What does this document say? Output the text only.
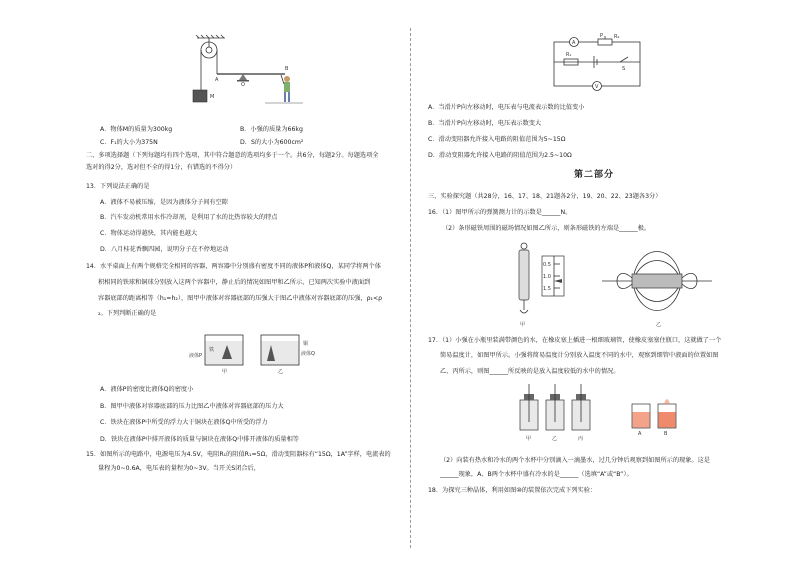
M
A
O
B
A．物体M的质量为300kg	B．小强的质量为66kg
C．F₁的大小为375N	D．S的大小为600cm²
二、多项选择题（下列每题均有四个选项，其中符合题意的选项均多于一个。共6分，每题2分。每题选项全
选对的得2分，选对但不全的得1分，有错选的不得分）
13．下列说法正确的是
A．液体不易被压缩，是因为液体分子间有空隙
B．汽车发动机常用水作冷却剂，是利用了水的比热容较大的特点
C．物体运动得越快，其内能也越大
D．八月桂花香飘四园，说明分子在不停地运动
14．水平桌面上有两个规格完全相同的容器，两容器中分别盛有密度不同的液体P和液体Q，某同学将两个体
积相同的铁球和铜球分别放入这两个容器中，静止后的情况如图甲和乙所示，已知两次实验中液面到
容器底部的距离相等（h₁=h₂），图甲中液体对容器底部的压强大于图乙中液体对容器底部的压强，ρ₁<ρ
₂。下列判断正确的是
铁
液体P
甲
铜
液体Q
乙
A．液体P的密度比液体Q的密度小
B．图甲中液体对容器底部的压力比图乙中液体对容器底部的压力大
C．铁块在液体P中所受的浮力大于铜块在液体Q中所受的浮力
D．铁块在液体P中排开液体的质量与铜块在液体Q中排开液体的质量相等
15．如图所示的电路中，电源电压为4.5V，电阻R₁的阻值R₁=5Ω，滑动变阻器标有“15Ω，1A”字样，电流表的
量程为0~0.6A，电压表的量程为0~3V。当开关S闭合后，
A
P R₂
R₁
S
V
A．当滑片P向左移动时，电压表与电流表示数的比值变小
B．当滑片P向左移动时，电压表示数变大
C．滑动变阻器允许接入电路的阻值范围为5~15Ω
D．滑动变阻器允许接入电路的阻值范围为2.5~10Ω
第二部分
三、实验探究题（共28分，16、17、18、21题各2分，19、20、22、23题各3分）
16．（1）图甲所示的弹簧测力计的示数是______N。
（2）条形磁铁周围的磁场情况如图乙所示，则条形磁铁的左端是______极。
甲
0.5
1.0
1.5
乙
17．（1）小强在小瓶里装满带颜色的水，在橡皮塞上插进一根细玻璃管，使橡皮塞塞住瓶口，这就做了一个
简易温度计，如图甲所示。小强将简易温度计分别放入温度不同的水中，观察到细管中液面的位置如图
乙、丙所示，则图______所反映的是放入温度较低的水中的情况。
甲	乙	丙
A	B
（2）向装有热水和冷水的两个水杯中分别滴入一滴墨水，过几分钟后观察到如图所示的现象。这是
______现象，A、B两个水杯中盛有冷水的是______（选填“A”或“B”）。
18．为探究三种晶体，利用如图⑩的装置依次完成下列实验：
